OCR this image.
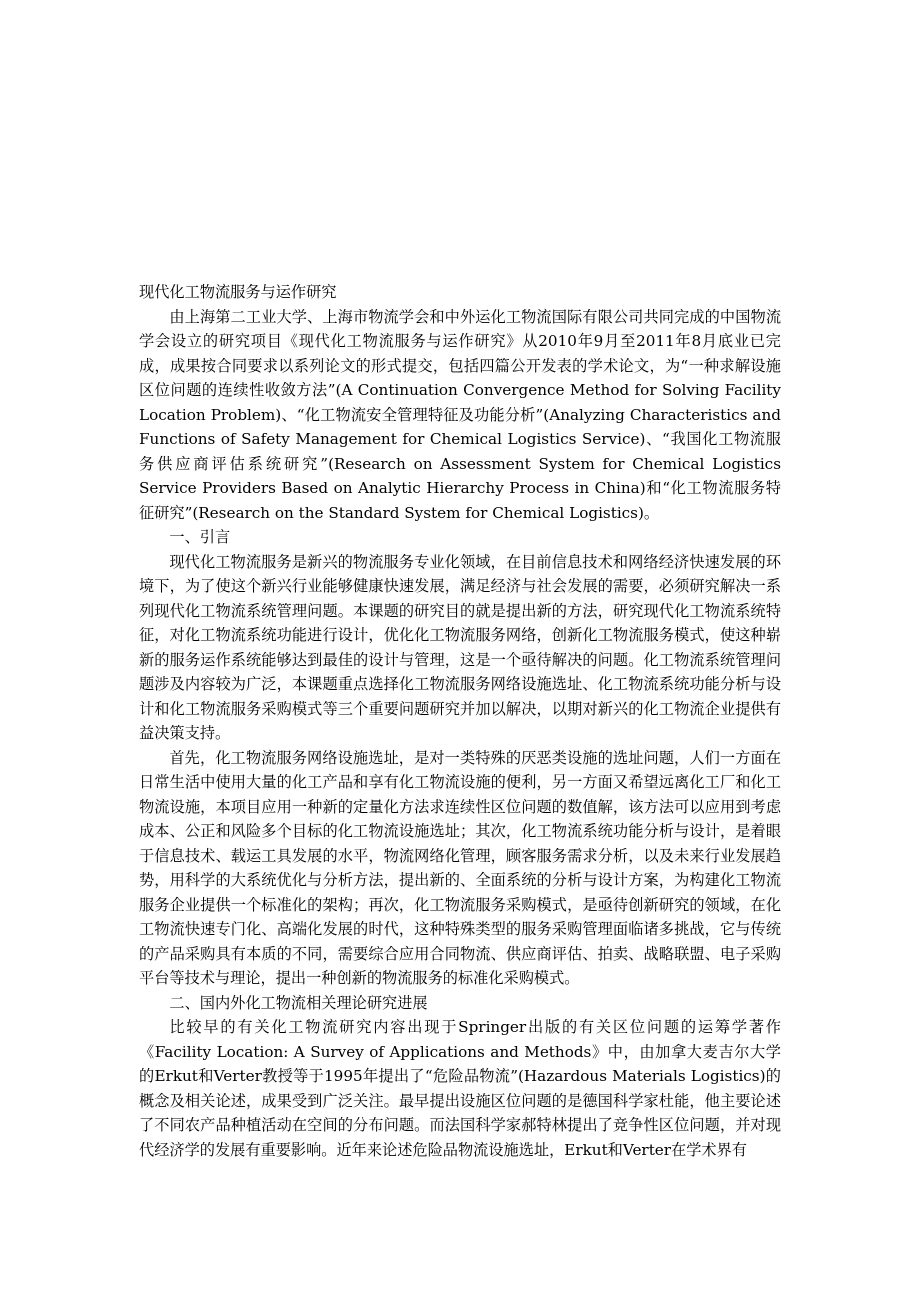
现代化工物流服务与运作研究

由上海第二工业大学、上海市物流学会和中外运化工物流国际有限公司共同完成的中国物流学会设立的研究项目《现代化工物流服务与运作研究》从2010年9月至2011年8月底业已完成，成果按合同要求以系列论文的形式提交，包括四篇公开发表的学术论文，为“一种求解设施区位问题的连续性收敛方法”(A Continuation Convergence Method for Solving Facility Location Problem)、“化工物流安全管理特征及功能分析”(Analyzing Characteristics and Functions of Safety Management for Chemical Logistics Service)、“我国化工物流服务供应商评估系统研究”(Research on Assessment System for Chemical Logistics Service Providers Based on Analytic Hierarchy Process in China)和“化工物流服务特征研究”(Research on the Standard System for Chemical Logistics)。

一、引言

现代化工物流服务是新兴的物流服务专业化领域，在目前信息技术和网络经济快速发展的环境下，为了使这个新兴行业能够健康快速发展，满足经济与社会发展的需要，必须研究解决一系列现代化工物流系统管理问题。本课题的研究目的就是提出新的方法，研究现代化工物流系统特征，对化工物流系统功能进行设计，优化化工物流服务网络，创新化工物流服务模式，使这种崭新的服务运作系统能够达到最佳的设计与管理，这是一个亟待解决的问题。化工物流系统管理问题涉及内容较为广泛，本课题重点选择化工物流服务网络设施选址、化工物流系统功能分析与设计和化工物流服务采购模式等三个重要问题研究并加以解决，以期对新兴的化工物流企业提供有益决策支持。

首先，化工物流服务网络设施选址，是对一类特殊的厌恶类设施的选址问题，人们一方面在日常生活中使用大量的化工产品和享有化工物流设施的便利，另一方面又希望远离化工厂和化工物流设施，本项目应用一种新的定量化方法求连续性区位问题的数值解，该方法可以应用到考虑成本、公正和风险多个目标的化工物流设施选址；其次，化工物流系统功能分析与设计，是着眼于信息技术、载运工具发展的水平，物流网络化管理，顾客服务需求分析，以及未来行业发展趋势，用科学的大系统优化与分析方法，提出新的、全面系统的分析与设计方案，为构建化工物流服务企业提供一个标准化的架构；再次，化工物流服务采购模式，是亟待创新研究的领域，在化工物流快速专门化、高端化发展的时代，这种特殊类型的服务采购管理面临诸多挑战，它与传统的产品采购具有本质的不同，需要综合应用合同物流、供应商评估、拍卖、战略联盟、电子采购平台等技术与理论，提出一种创新的物流服务的标准化采购模式。

二、国内外化工物流相关理论研究进展

比较早的有关化工物流研究内容出现于Springer出版的有关区位问题的运筹学著作《Facility Location: A Survey of Applications and Methods》中，由加拿大麦吉尔大学的Erkut和Verter教授等于1995年提出了“危险品物流”(Hazardous Materials Logistics)的概念及相关论述，成果受到广泛关注。最早提出设施区位问题的是德国科学家杜能，他主要论述了不同农产品种植活动在空间的分布问题。而法国科学家郝特林提出了竞争性区位问题，并对现代经济学的发展有重要影响。近年来论述危险品物流设施选址，Erkut和Verter在学术界有
